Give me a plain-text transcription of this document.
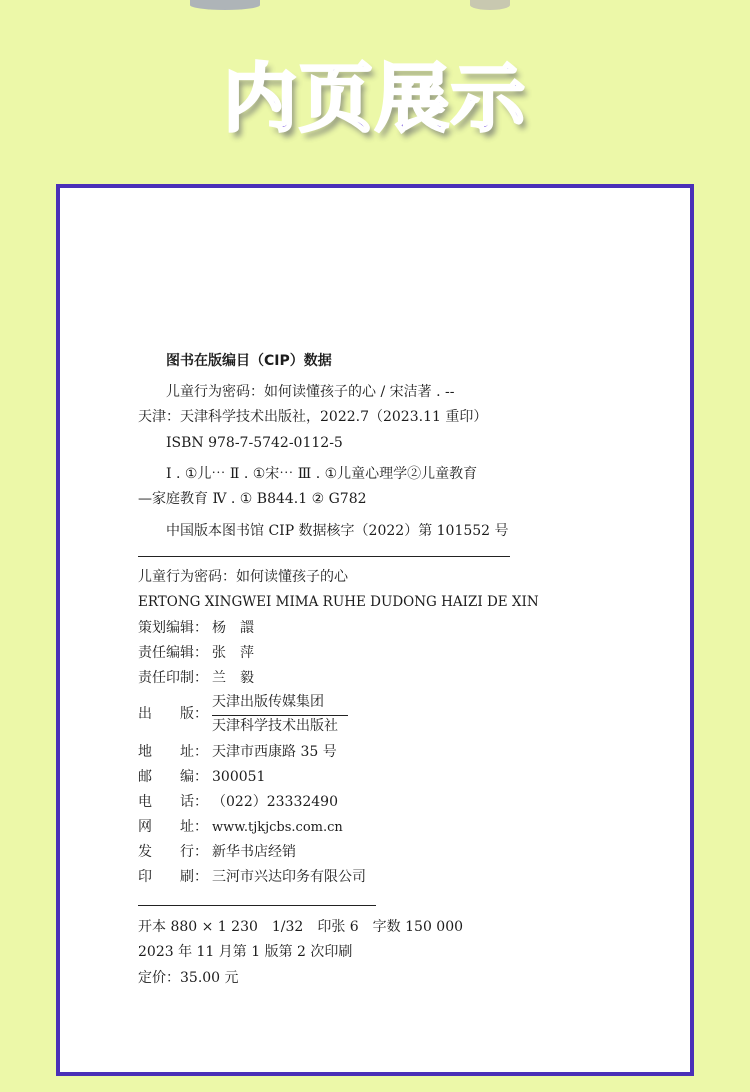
内页展示
图书在版编目（CIP）数据
儿童行为密码：如何读懂孩子的心 / 宋洁著 . --
天津：天津科学技术出版社，2022.7（2023.11 重印）
ISBN 978-7-5742-0112-5
Ⅰ . ①儿⋯ Ⅱ . ①宋⋯ Ⅲ . ①儿童心理学②儿童教育
—家庭教育 Ⅳ . ① B844.1 ② G782
中国版本图书馆 CIP 数据核字（2022）第 101552 号
儿童行为密码：如何读懂孩子的心
ERTONG XINGWEI MIMA RUHE DUDONG HAIZI DE XIN
策划编辑： 杨　譞
责任编辑： 张　萍
责任印制： 兰　毅
出　　版：
天津出版传媒集团
天津科学技术出版社
地　　址： 天津市西康路 35 号
邮　　编： 300051
电　　话： （022）23332490
网　　址： www.tjkjcbs.com.cn
发　　行： 新华书店经销
印　　刷： 三河市兴达印务有限公司
开本 880 × 1 230　1/32　印张 6　字数 150 000
2023 年 11 月第 1 版第 2 次印刷
定价：35.00 元
